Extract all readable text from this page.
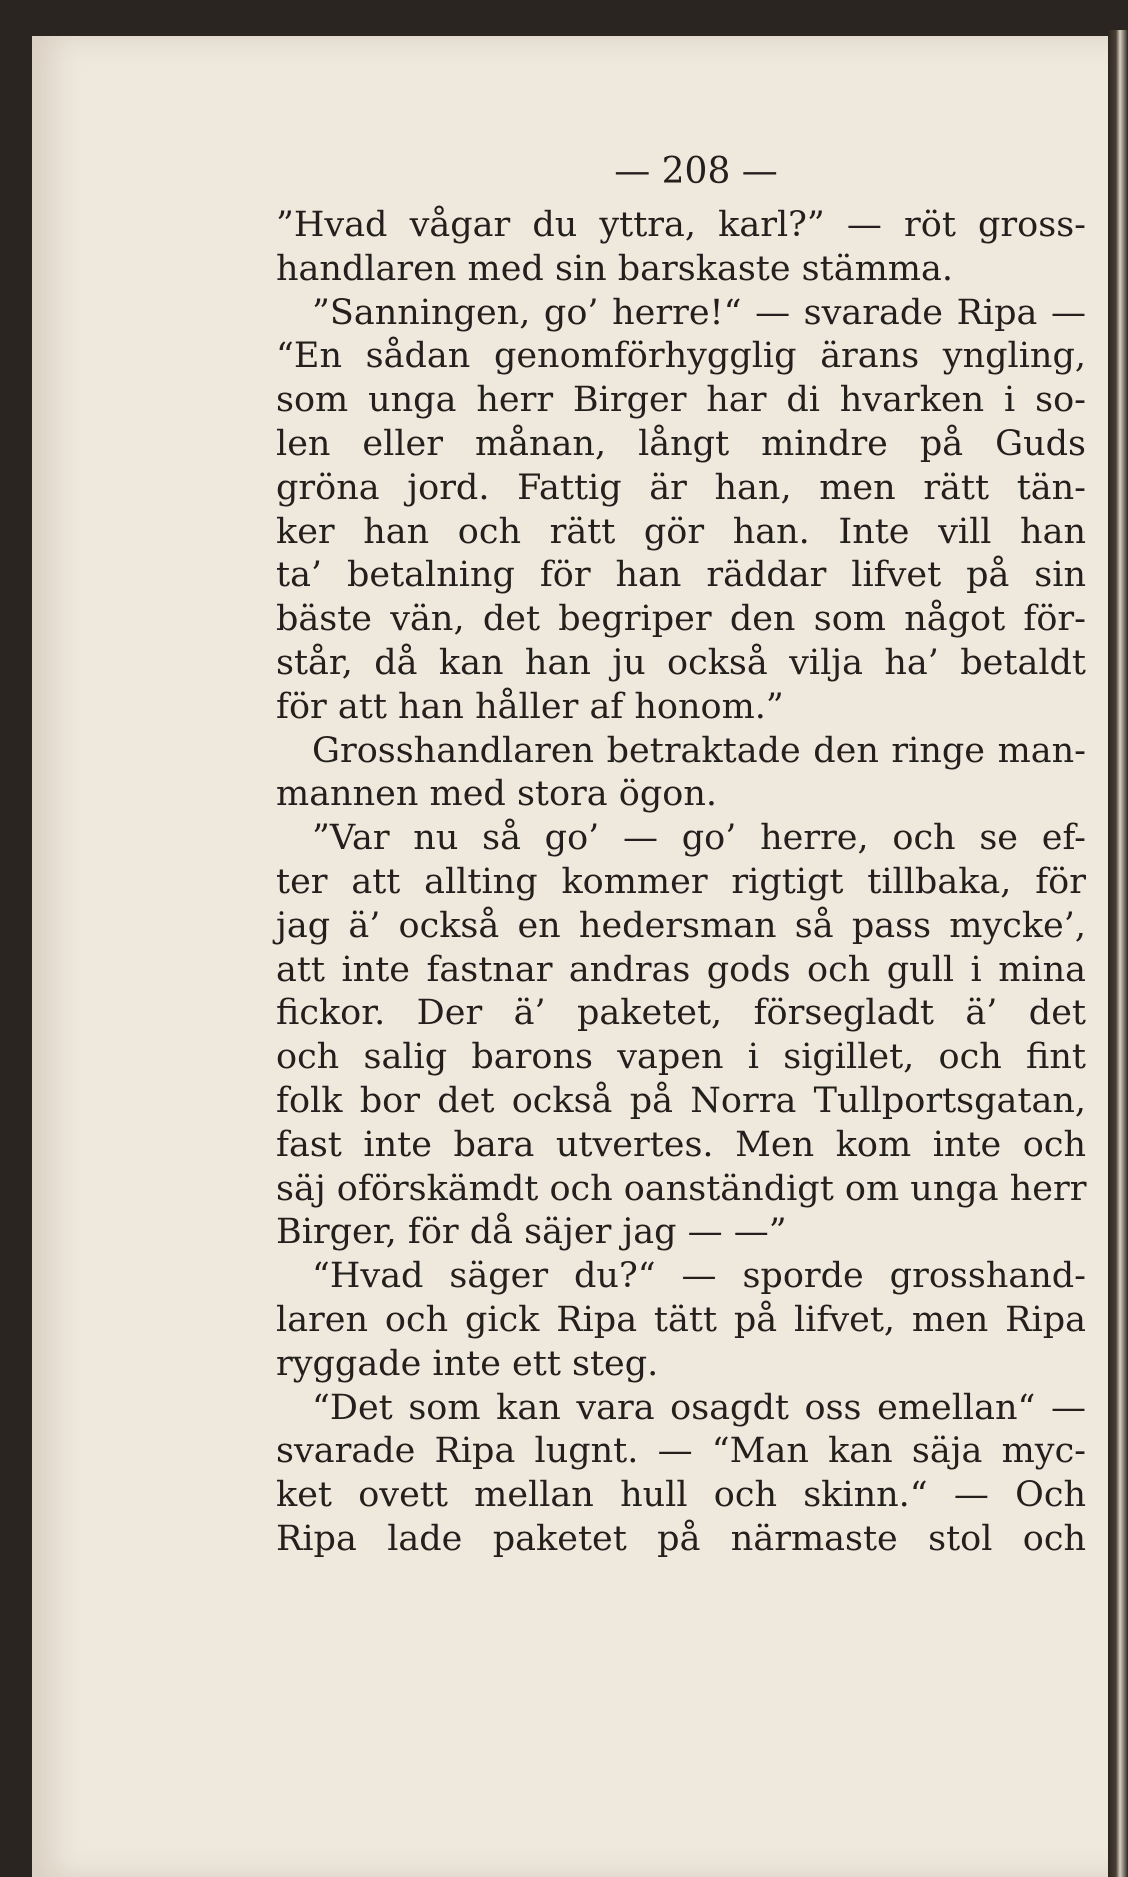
— 208 —
”Hvad vågar du yttra, karl?” — röt gross-
handlaren med sin barskaste stämma.
”Sanningen, go’ herre!“ — svarade Ripa —
“En sådan genomförhygglig ärans yngling,
som unga herr Birger har di hvarken i so-
len eller månan, långt mindre på Guds
gröna jord. Fattig är han, men rätt tän-
ker han och rätt gör han. Inte vill han
ta’ betalning för han räddar lifvet på sin
bäste vän, det begriper den som något för-
står, då kan han ju också vilja ha’ betaldt
för att han håller af honom.”
Grosshandlaren betraktade den ringe man-
mannen med stora ögon.
”Var nu så go’ — go’ herre, och se ef-
ter att allting kommer rigtigt tillbaka, för
jag ä’ också en hedersman så pass mycke’,
att inte fastnar andras gods och gull i mina
fickor. Der ä’ paketet, försegladt ä’ det
och salig barons vapen i sigillet, och fint
folk bor det också på Norra Tullportsgatan,
fast inte bara utvertes. Men kom inte och
säj oförskämdt och oanständigt om unga herr
Birger, för då säjer jag — —”
“Hvad säger du?“ — sporde grosshand-
laren och gick Ripa tätt på lifvet, men Ripa
ryggade inte ett steg.
“Det som kan vara osagdt oss emellan“ —
svarade Ripa lugnt. — “Man kan säja myc-
ket ovett mellan hull och skinn.“ — Och
Ripa lade paketet på närmaste stol och
